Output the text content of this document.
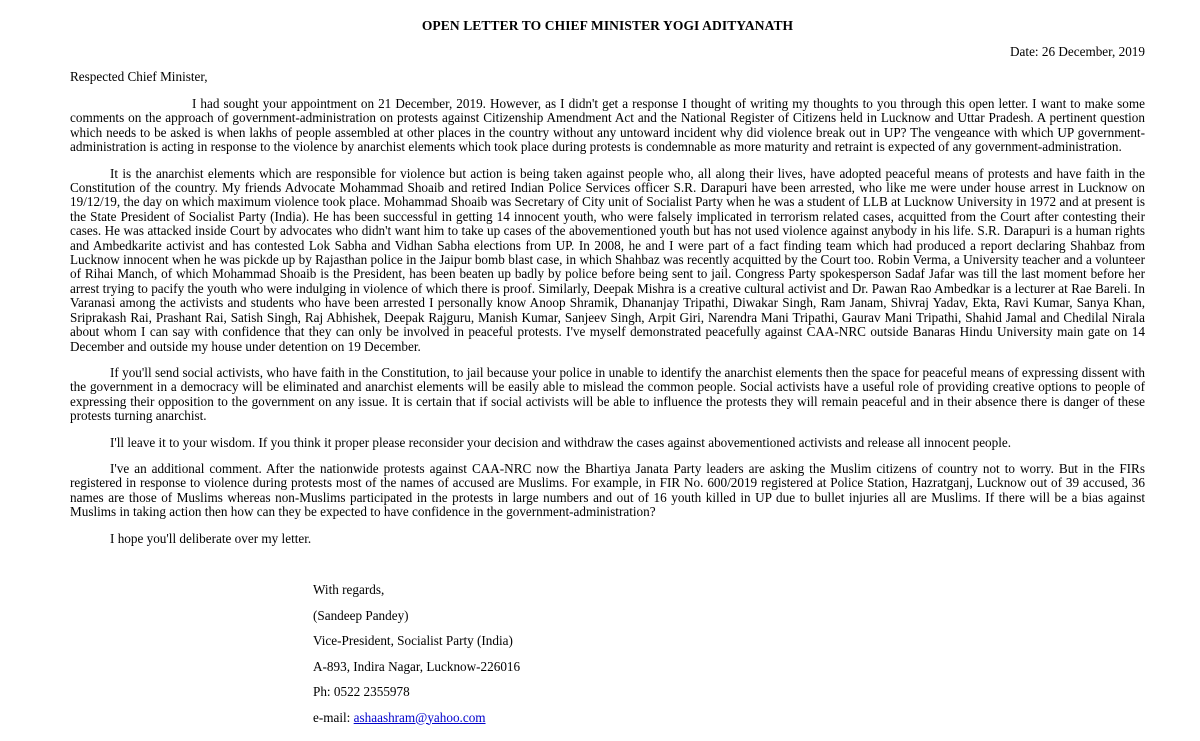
OPEN LETTER TO CHIEF MINISTER YOGI ADITYANATH
Date: 26 December, 2019
Respected Chief Minister,

I had sought your appointment on 21 December, 2019. However, as I didn't get a response I thought of writing my thoughts to you through this open letter. I want to make some comments on the approach of government-administration on protests against Citizenship Amendment Act and the National Register of Citizens held in Lucknow and Uttar Pradesh. A pertinent question which needs to be asked is when lakhs of people assembled at other places in the country without any untoward incident why did violence break out in UP? The vengeance with which UP government-administration is acting in response to the violence by anarchist elements which took place during protests is condemnable as more maturity and retraint is expected of any government-administration.

It is the anarchist elements which are responsible for violence but action is being taken against people who, all along their lives, have adopted peaceful means of protests and have faith in the Constitution of the country. My friends Advocate Mohammad Shoaib and retired Indian Police Services officer S.R. Darapuri have been arrested, who like me were under house arrest in Lucknow on 19/12/19, the day on which maximum violence took place. Mohammad Shoaib was Secretary of City unit of Socialist Party when he was a student of LLB at Lucknow University in 1972 and at present is the State President of Socialist Party (India). He has been successful in getting 14 innocent youth, who were falsely implicated in terrorism related cases, acquitted from the Court after contesting their cases. He was attacked inside Court by advocates who didn't want him to take up cases of the abovementioned youth but has not used violence against anybody in his life. S.R. Darapuri is a human rights and Ambedkarite activist and has contested Lok Sabha and Vidhan Sabha elections from UP. In 2008, he and I were part of a fact finding team which had produced a report declaring Shahbaz from Lucknow innocent when he was pickde up by Rajasthan police in the Jaipur bomb blast case, in which Shahbaz was recently acquitted by the Court too. Robin Verma, a University teacher and a volunteer of Rihai Manch, of which Mohammad Shoaib is the President, has been beaten up badly by police before being sent to jail. Congress Party spokesperson Sadaf Jafar was till the last moment before her arrest trying to pacify the youth who were indulging in violence of which there is proof. Similarly, Deepak Mishra is a creative cultural activist and Dr. Pawan Rao Ambedkar is a lecturer at Rae Bareli. In Varanasi among the activists and students who have been arrested I personally know Anoop Shramik, Dhananjay Tripathi, Diwakar Singh, Ram Janam, Shivraj Yadav, Ekta, Ravi Kumar, Sanya Khan, Sriprakash Rai, Prashant Rai, Satish Singh, Raj Abhishek, Deepak Rajguru, Manish Kumar, Sanjeev Singh, Arpit Giri, Narendra Mani Tripathi, Gaurav Mani Tripathi, Shahid Jamal and Chedilal Nirala about whom I can say with confidence that they can only be involved in peaceful protests. I've myself demonstrated peacefully against CAA-NRC outside Banaras Hindu University main gate on 14 December and outside my house under detention on 19 December.

If you'll send social activists, who have faith in the Constitution, to jail because your police in unable to identify the anarchist elements then the space for peaceful means of expressing dissent with the government in a democracy will be eliminated and anarchist elements will be easily able to mislead the common people. Social activists have a useful role of providing creative options to people of expressing their opposition to the government on any issue. It is certain that if social activists will be able to influence the protests they will remain peaceful and in their absence there is danger of these protests turning anarchist.

I'll leave it to your wisdom. If you think it proper please reconsider your decision and withdraw the cases against abovementioned activists and release all innocent people.

I've an additional comment. After the nationwide protests against CAA-NRC now the Bhartiya Janata Party leaders are asking the Muslim citizens of country not to worry. But in the FIRs registered in response to violence during protests most of the names of accused are Muslims. For example, in FIR No. 600/2019 registered at Police Station, Hazratganj, Lucknow out of 39 accused, 36 names are those of Muslims whereas non-Muslims participated in the protests in large numbers and out of 16 youth killed in UP due to bullet injuries all are Muslims. If there will be a bias against Muslims in taking action then how can they be expected to have confidence in the government-administration?

I hope you'll deliberate over my letter.

With regards,

(Sandeep Pandey)

Vice-President, Socialist Party (India)

A-893, Indira Nagar, Lucknow-226016

Ph: 0522 2355978

e-mail: ashaashram@yahoo.com
